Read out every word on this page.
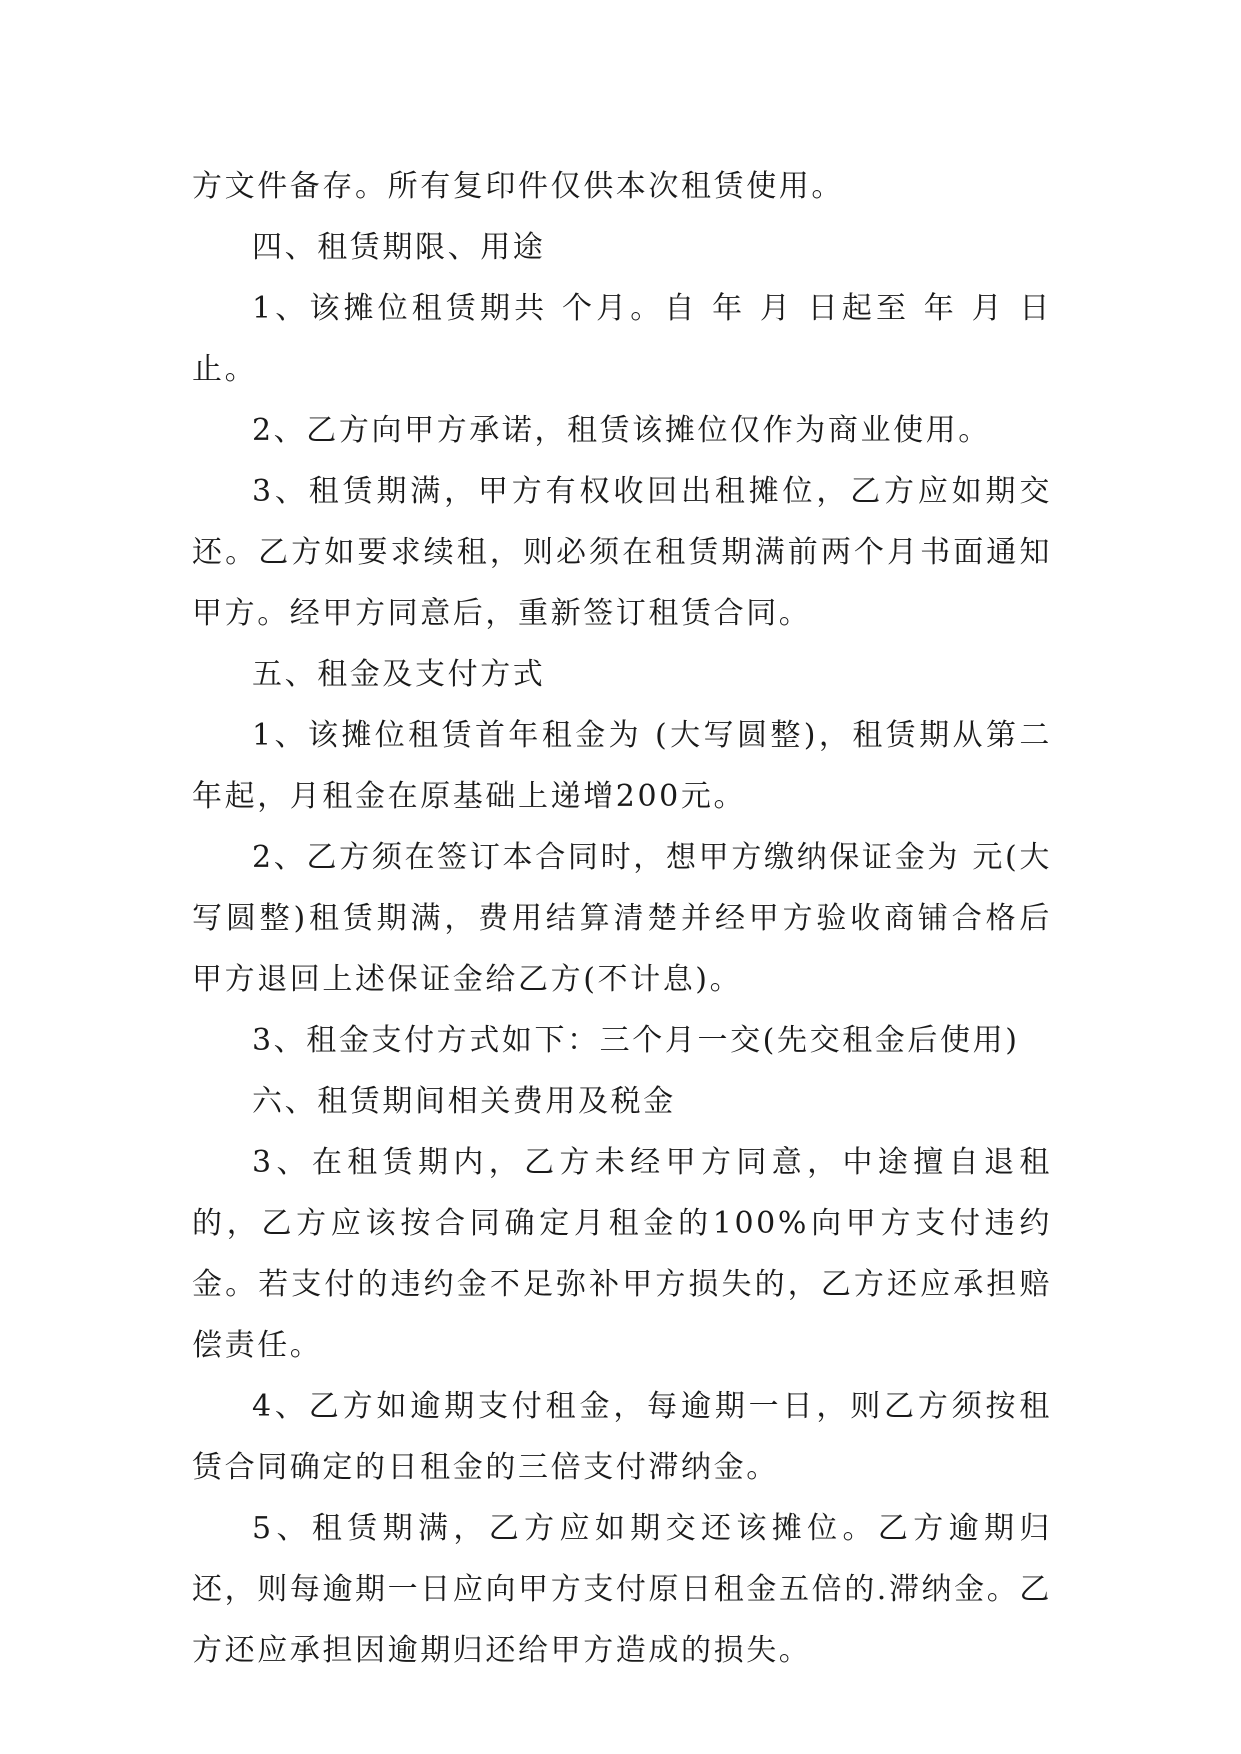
方文件备存。所有复印件仅供本次租赁使用。

四、租赁期限、用途

1、该摊位租赁期共 个月。自 年 月 日起至 年 月 日止。

2、乙方向甲方承诺，租赁该摊位仅作为商业使用。

3、租赁期满，甲方有权收回出租摊位，乙方应如期交还。乙方如要求续租，则必须在租赁期满前两个月书面通知甲方。经甲方同意后，重新签订租赁合同。

五、租金及支付方式

1、该摊位租赁首年租金为 (大写圆整)，租赁期从第二年起，月租金在原基础上递增200元。

2、乙方须在签订本合同时，想甲方缴纳保证金为 元(大写圆整)租赁期满，费用结算清楚并经甲方验收商铺合格后甲方退回上述保证金给乙方(不计息)。

3、租金支付方式如下：三个月一交(先交租金后使用)

六、租赁期间相关费用及税金

3、在租赁期内，乙方未经甲方同意，中途擅自退租的，乙方应该按合同确定月租金的100%向甲方支付违约金。若支付的违约金不足弥补甲方损失的，乙方还应承担赔偿责任。

4、乙方如逾期支付租金，每逾期一日，则乙方须按租赁合同确定的日租金的三倍支付滞纳金。

5、租赁期满，乙方应如期交还该摊位。乙方逾期归还，则每逾期一日应向甲方支付原日租金五倍的.滞纳金。乙方还应承担因逾期归还给甲方造成的损失。
